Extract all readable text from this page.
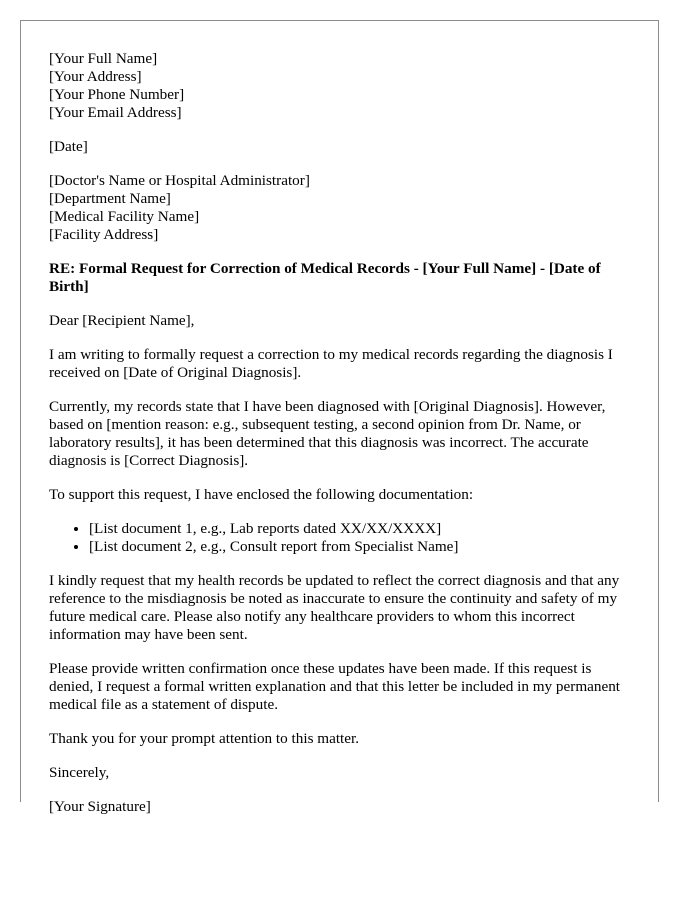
[Your Full Name]
[Your Address]
[Your Phone Number]
[Your Email Address]

[Date]

[Doctor's Name or Hospital Administrator]
[Department Name]
[Medical Facility Name]
[Facility Address]

RE: Formal Request for Correction of Medical Records - [Your Full Name] - [Date of Birth]

Dear [Recipient Name],

I am writing to formally request a correction to my medical records regarding the diagnosis I received on [Date of Original Diagnosis].

Currently, my records state that I have been diagnosed with [Original Diagnosis]. However, based on [mention reason: e.g., subsequent testing, a second opinion from Dr. Name, or laboratory results], it has been determined that this diagnosis was incorrect. The accurate diagnosis is [Correct Diagnosis].

To support this request, I have enclosed the following documentation:

• [List document 1, e.g., Lab reports dated XX/XX/XXXX]
• [List document 2, e.g., Consult report from Specialist Name]

I kindly request that my health records be updated to reflect the correct diagnosis and that any reference to the misdiagnosis be noted as inaccurate to ensure the continuity and safety of my future medical care. Please also notify any healthcare providers to whom this incorrect information may have been sent.

Please provide written confirmation once these updates have been made. If this request is denied, I request a formal written explanation and that this letter be included in my permanent medical file as a statement of dispute.

Thank you for your prompt attention to this matter.

Sincerely,

[Your Signature]
